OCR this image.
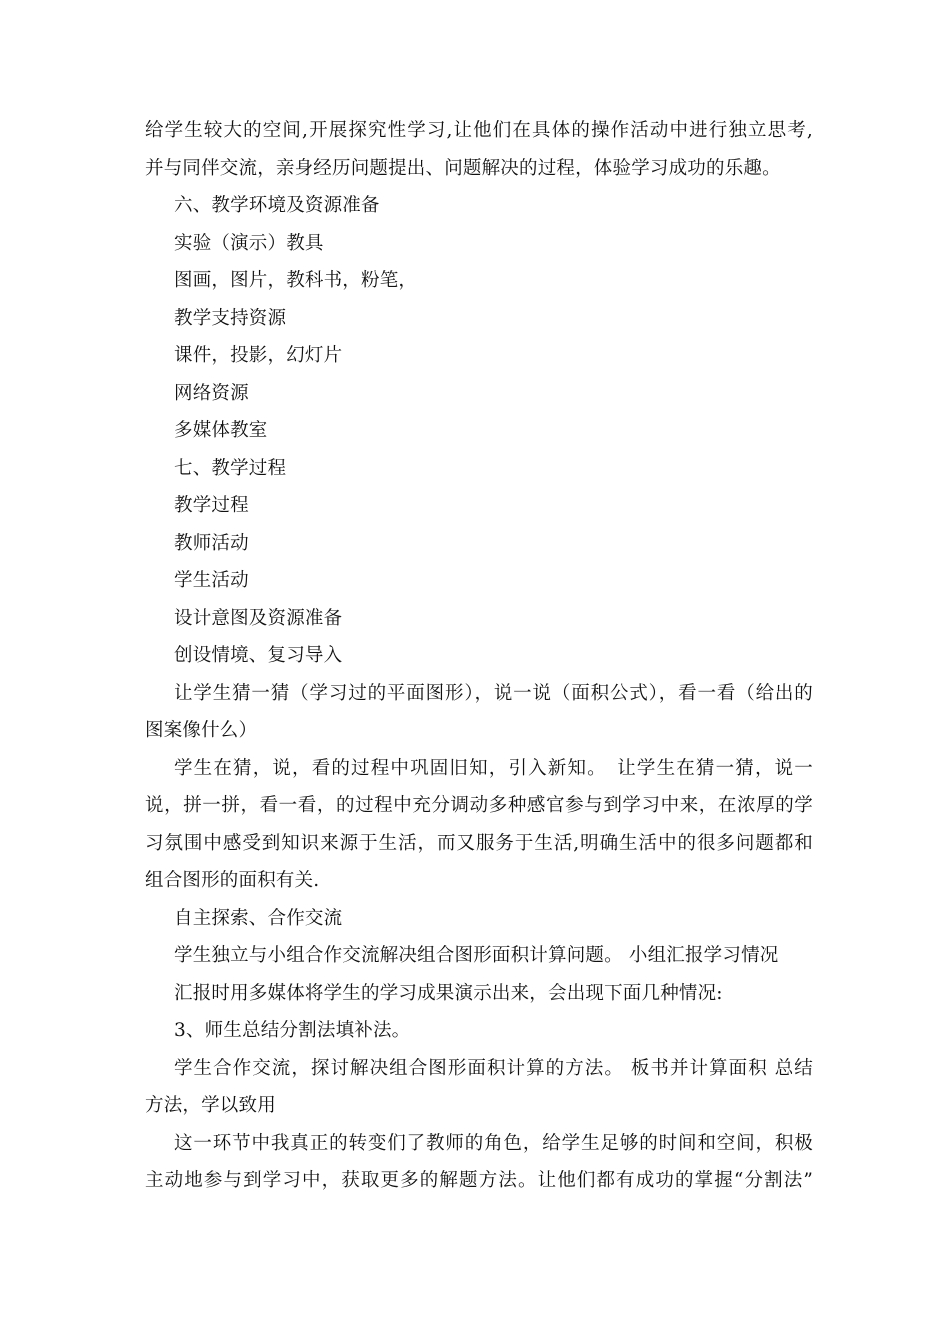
给学生较大的空间,开展探究性学习,让他们在具体的操作活动中进行独立思考,
并与同伴交流，亲身经历问题提出、问题解决的过程，体验学习成功的乐趣。
六、教学环境及资源准备
实验（演示）教具
图画，图片，教科书，粉笔，
教学支持资源
课件，投影，幻灯片
网络资源
多媒体教室
七、教学过程
教学过程
教师活动
学生活动
设计意图及资源准备
创设情境、复习导入
让学生猜一猜（学习过的平面图形），说一说（面积公式），看一看（给出的
图案像什么）
学生在猜，说，看的过程中巩固旧知，引入新知。　让学生在猜一猜，说一
说，拼一拼，看一看，的过程中充分调动多种感官参与到学习中来，在浓厚的学
习氛围中感受到知识来源于生活，而又服务于生活,明确生活中的很多问题都和
组合图形的面积有关.
自主探索、合作交流
学生独立与小组合作交流解决组合图形面积计算问题。 小组汇报学习情况
汇报时用多媒体将学生的学习成果演示出来，会出现下面几种情况:
3、师生总结分割法填补法。
学生合作交流，探讨解决组合图形面积计算的方法。 板书并计算面积 总结
方法，学以致用
这一环节中我真正的转变们了教师的角色，给学生足够的时间和空间，积极
主动地参与到学习中，获取更多的解题方法。让他们都有成功的掌握“分割法”
